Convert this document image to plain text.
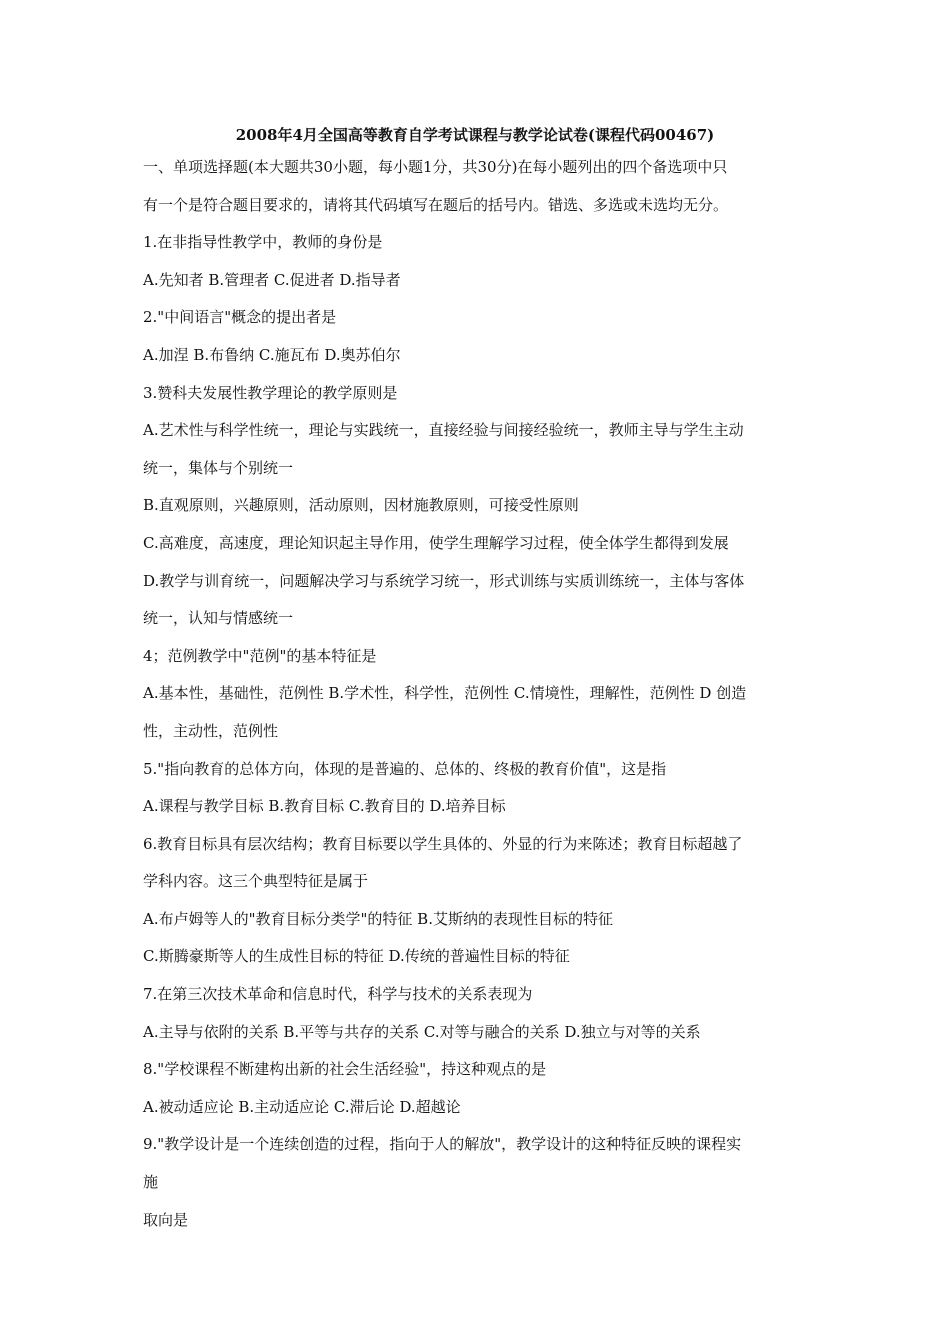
2008年4月全国高等教育自学考试课程与教学论试卷(课程代码00467)
一、单项选择题(本大题共30小题，每小题1分，共30分)在每小题列出的四个备选项中只
有一个是符合题目要求的，请将其代码填写在题后的括号内。错选、多选或未选均无分。
1.在非指导性教学中，教师的身份是
A.先知者 B.管理者 C.促进者 D.指导者
2."中间语言"概念的提出者是
A.加涅 B.布鲁纳 C.施瓦布 D.奥苏伯尔
3.赞科夫发展性教学理论的教学原则是
A.艺术性与科学性统一，理论与实践统一，直接经验与间接经验统一，教师主导与学生主动
统一，集体与个别统一
B.直观原则，兴趣原则，活动原则，因材施教原则，可接受性原则
C.高难度，高速度，理论知识起主导作用，使学生理解学习过程，使全体学生都得到发展
D.教学与训育统一，问题解决学习与系统学习统一，形式训练与实质训练统一，主体与客体
统一，认知与情感统一
4；范例教学中"范例"的基本特征是
A.基本性，基础性，范例性 B.学术性，科学性，范例性 C.情境性，理解性，范例性 D 创造
性，主动性，范例性
5."指向教育的总体方向，体现的是普遍的、总体的、终极的教育价值"，这是指
A.课程与教学目标 B.教育目标 C.教育目的 D.培养目标
6.教育目标具有层次结构；教育目标要以学生具体的、外显的行为来陈述；教育目标超越了
学科内容。这三个典型特征是属于
A.布卢姆等人的"教育目标分类学"的特征 B.艾斯纳的表现性目标的特征
C.斯腾豪斯等人的生成性目标的特征 D.传统的普遍性目标的特征
7.在第三次技术革命和信息时代，科学与技术的关系表现为
A.主导与依附的关系 B.平等与共存的关系 C.对等与融合的关系 D.独立与对等的关系
8."学校课程不断建构出新的社会生活经验"，持这种观点的是
A.被动适应论 B.主动适应论 C.滞后论 D.超越论
9."教学设计是一个连续创造的过程，指向于人的解放"，教学设计的这种特征反映的课程实
施
取向是
